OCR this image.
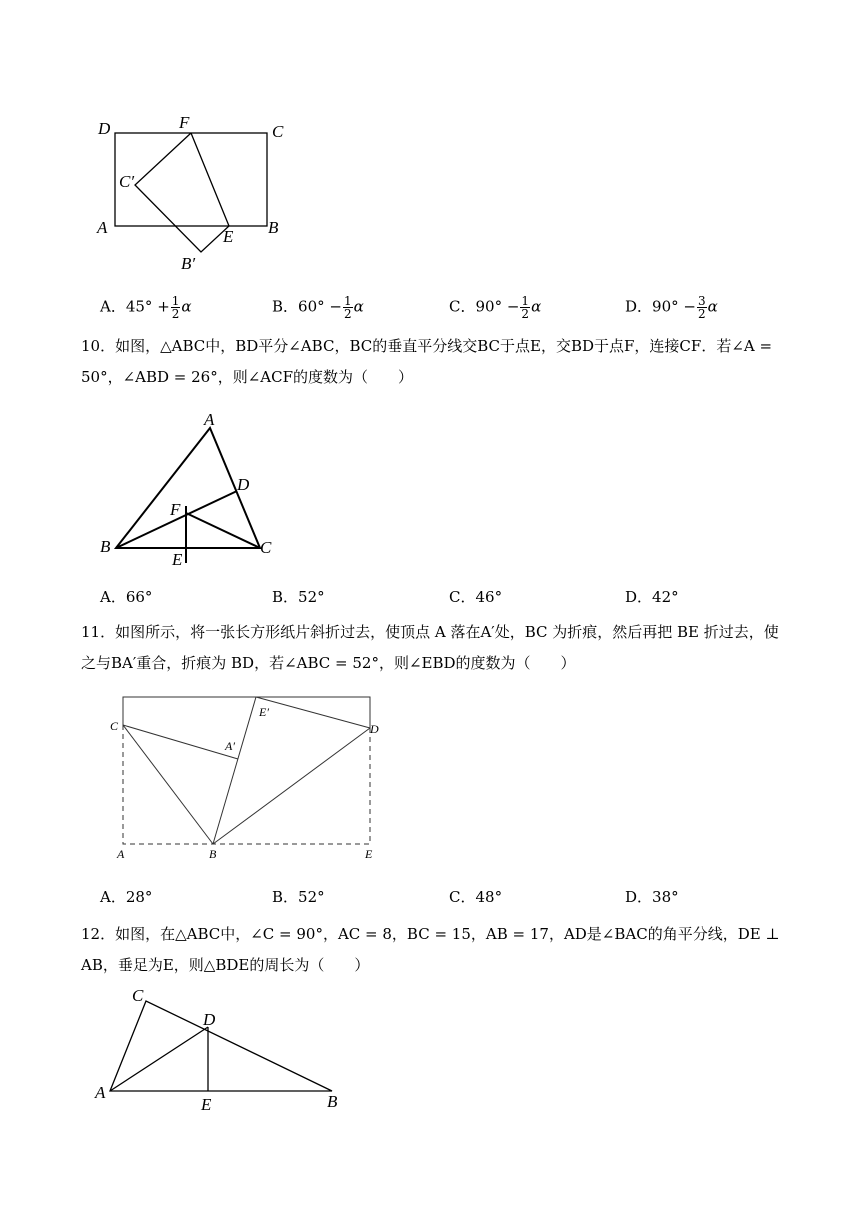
D	F	C
C′
A	E B
B′
A．$45^\circ + \frac{1}{2}$ α	B．$60^\circ - \frac{1}{2}$ α	C．$90^\circ - \frac{1}{2}$ α	D．$90^\circ - \frac{3}{2}$ α
10．如图，△ABC中，BD平分∠ABC，BC的垂直平分线交BC于点E，交BD于点F，连接CF．若∠A = 50°，∠ABD = 26°，则∠ACF的度数为（　　）
A
D
F
B
E
C
A．66°	B．52°	C．46°	D．42°
11．如图所示，将一张长方形纸片斜折过去，使顶点 A 落在A′处，BC 为折痕，然后再把 BE 折过去，使之与BA′重合，折痕为 BD，若∠ABC = 52°，则∠EBD的度数为（　　）
C
E′
D
A′
A	B	E
A．28°	B．52°	C．48°	D．38°
12．如图，在△ABC中，∠C = 90°，AC = 8，BC = 15，AB = 17，AD是∠BAC的角平分线，DE ⊥ AB，垂足为E，则△BDE的周长为（　　）
C
D
A
E	B
